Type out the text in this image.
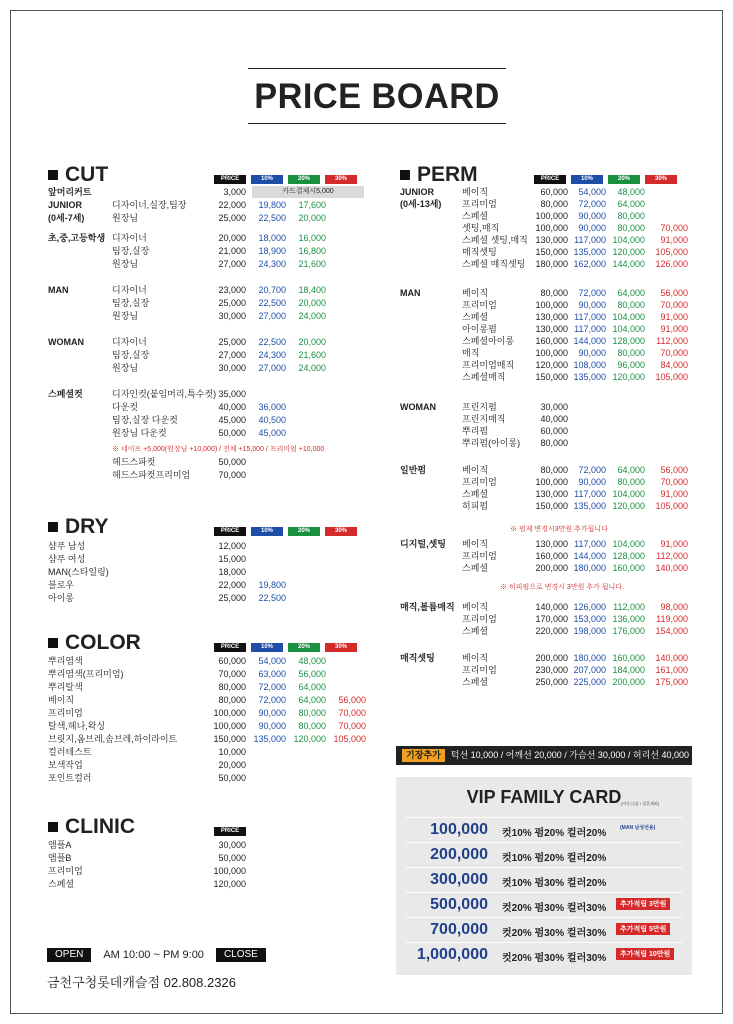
PRICE BOARD
CUT
DRY
COLOR
CLINIC
PERM
PRICE	10%	20%	30%
PRICE	10%	20%	30%
PRICE	10%	20%	30%
PRICE
PRICE	10%	20%	30%
앞머리커트	3,000	카드결제시5,000
JUNIOR	디자이너,실장,팀장	22,000	19,800	17,600
(0세-7세)	원장님	25,000	22,500	20,000
초,중,고등학생 디자이너	20,000	18,000	16,000
팀장,실장	21,000	18,900	16,800
원장님	27,000	24,300	21,600
MAN	디자이너	23,000	20,700	18,400
팀장,실장	25,000	22,500	20,000
원장님	30,000	27,000	24,000
WOMAN	디자이너	25,000	22,500	20,000
팀장,실장	27,000	24,300	21,600
원장님	30,000	27,000	24,000
스페셜컷	디자인컷(붙임머리,특수컷) 35,000
다운컷	40,000	36,000
팀장,실장 다운컷	45,000	40,500
원장님 다운컷	50,000	45,000
헤드스파컷	50,000
헤드스파컷프리미엄	70,000
※ 네이프 +5,000(원장님 +10,000) / 전체 +15,000 / 프리미엄 +10,000
샴푸 남성	12,000
샴푸 여성	15,000
MAN(스타일링)	18,000
블로우	22,000	19,800
아이롱	25,000	22,500
뿌리염색	60,000	54,000	48,000
뿌리염색(프리미엄)	70,000	63,000	56,000
뿌리탈색	80,000	72,000	64,000
베이직	80,000	72,000	64,000	56,000
프리미엄	100,000	90,000	80,000	70,000
탈색,헤나,왁싱	100,000	90,000	80,000	70,000
브릿지,옴브레,솜브레,하이라이트	150,000 135,000 120,000 105,000
컬러테스트	10,000
보색작업	20,000
포인트컬러	50,000
앰플A	30,000
앰플B	50,000
프리미엄	100,000
스페셜	120,000
JUNIOR	베이직	60,000	54,000	48,000
(0세-13세) 프리미엄	80,000	72,000	64,000
스페셜	100,000	90,000	80,000
셋팅,매직	100,000	90,000	80,000	70,000
스페셜 셋팅,매직 130,000 117,000 104,000	91,000
매직셋팅	150,000 135,000 120,000 105,000
스페셜 매직셋팅 180,000 162,000 144,000 126,000
MAN	베이직	80,000	72,000	64,000	56,000
프리미엄	100,000	90,000	80,000	70,000
스페셜	130,000 117,000 104,000	91,000
아이롱펌	130,000 117,000 104,000	91,000
스페셜아이롱 160,000 144,000 128,000 112,000
매직	100,000	90,000	80,000	70,000
프리미엄매직 120,000 108,000	96,000	84,000
스페셜매직	150,000 135,000 120,000 105,000
WOMAN	프린지펌	30,000
프린지매직	40,000
뿌리펌	60,000
뿌리펌(아이롱)	80,000
일반펌	베이직	80,000	72,000	64,000	56,000
프리미엄	100,000	90,000	80,000	70,000
스페셜	130,000 117,000 104,000	91,000
히피펌	150,000 135,000 120,000 105,000
디지털,셋팅 베이직	130,000 117,000 104,000	91,000
프리미엄	160,000 144,000 128,000 112,000
스페셜	200,000 180,000 160,000 140,000
매직,볼륨매직 베이직	140,000 126,000 112,000	98,000
프리미엄	170,000 153,000 136,000 119,000
스페셜	220,000 198,000 176,000 154,000
매직셋팅	베이직	200,000 180,000 160,000 140,000
프리미엄	230,000 207,000 184,000 161,000
스페셜	250,000 225,000 200,000 175,000
※ 펌제 변경시3만원 추가됩니다
※ 히피펌으로 변경시 3만원 추가 됩니다.
기장추가 턱선 10,000 / 어깨선 20,000 / 가슴선 30,000 / 허리선 40,000
VIP FAMILY CARD (아동,다솜 / 결혼제외)
100,000 컷10% 펌20% 컬러20%	(MAN 남성전용)
200,000 컷10% 펌20% 컬러20%
300,000 컷10% 펌30% 컬러20%
500,000 컷20% 펌30% 컬러30%	추가적립 3만원
700,000 컷20% 펌30% 컬러30%	추가적립 5만원
1,000,000 컷20% 펌30% 컬러30%	추가적립 10만원
OPEN	AM 10:00 ~ PM 9:00	CLOSE
금천구청롯데캐슬점 02.808.2326
